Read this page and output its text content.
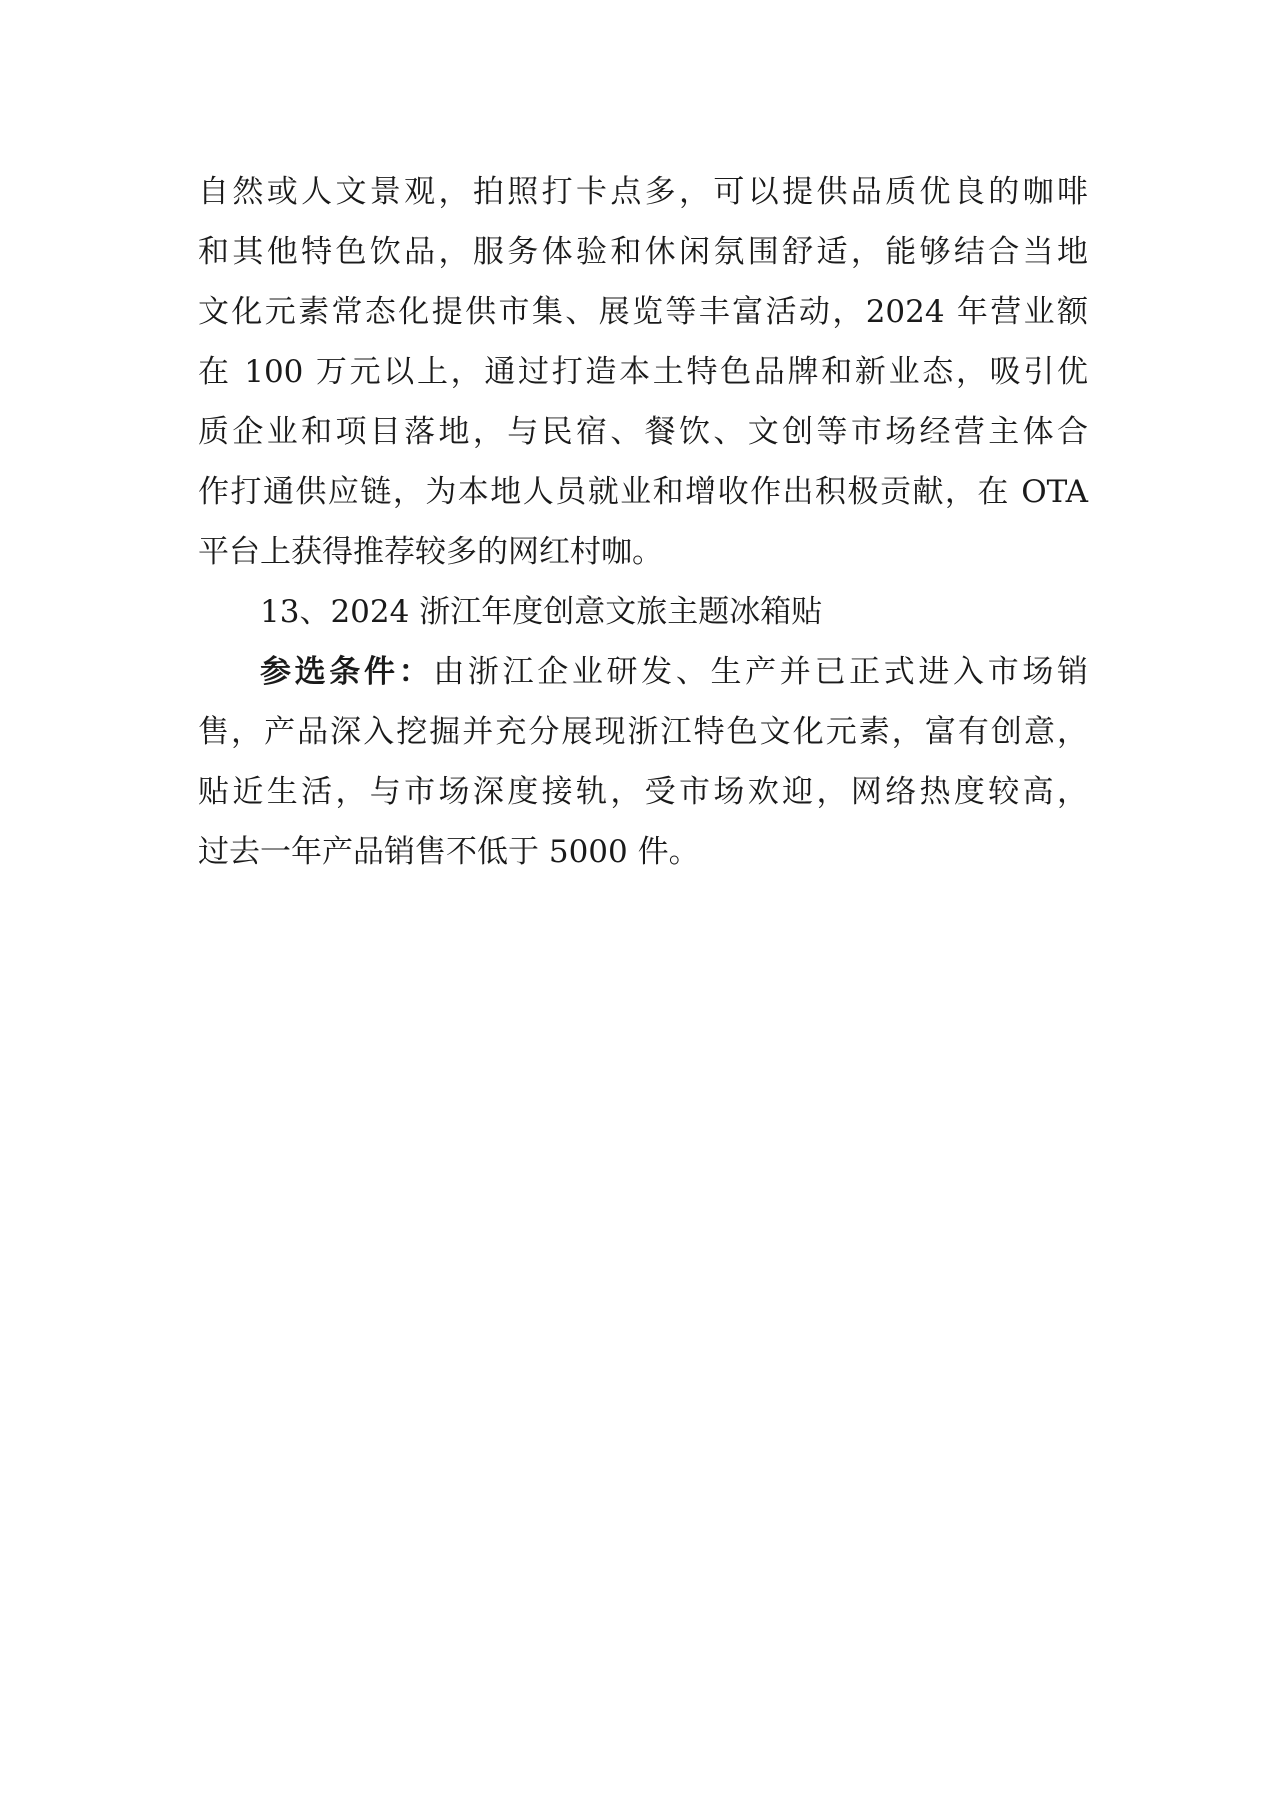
自然或人文景观，拍照打卡点多，可以提供品质优良的咖啡
和其他特色饮品，服务体验和休闲氛围舒适，能够结合当地
文化元素常态化提供市集、展览等丰富活动，2024 年营业额
在 100 万元以上，通过打造本土特色品牌和新业态，吸引优
质企业和项目落地，与民宿、餐饮、文创等市场经营主体合
作打通供应链，为本地人员就业和增收作出积极贡献，在 OTA
平台上获得推荐较多的网红村咖。
13、2024 浙江年度创意文旅主题冰箱贴
参选条件：由浙江企业研发、生产并已正式进入市场销
售，产品深入挖掘并充分展现浙江特色文化元素，富有创意，
贴近生活，与市场深度接轨，受市场欢迎，网络热度较高，
过去一年产品销售不低于 5000 件。
